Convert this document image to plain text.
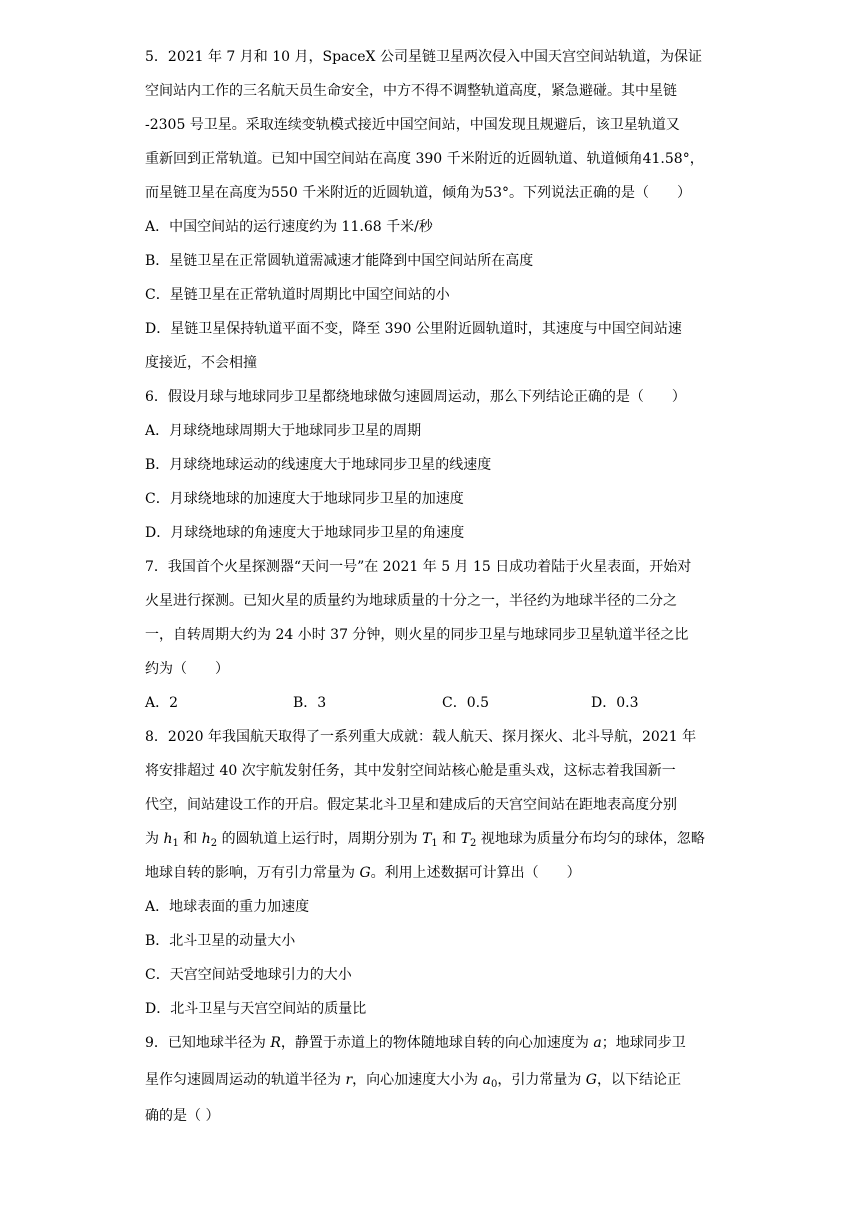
5．2021 年 7 月和 10 月，SpaceX 公司星链卫星两次侵入中国天宫空间站轨道，为保证
空间站内工作的三名航天员生命安全，中方不得不调整轨道高度，紧急避碰。其中星链
-2305 号卫星。采取连续变轨模式接近中国空间站，中国发现且规避后，该卫星轨道又
重新回到正常轨道。已知中国空间站在高度 390 千米附近的近圆轨道、轨道倾角41.58°，
而星链卫星在高度为550 千米附近的近圆轨道，倾角为53°。下列说法正确的是（　　）
A．中国空间站的运行速度约为 11.68 千米/秒
B．星链卫星在正常圆轨道需减速才能降到中国空间站所在高度
C．星链卫星在正常轨道时周期比中国空间站的小
D．星链卫星保持轨道平面不变，降至 390 公里附近圆轨道时，其速度与中国空间站速
度接近，不会相撞
6．假设月球与地球同步卫星都绕地球做匀速圆周运动，那么下列结论正确的是（　　）
A．月球绕地球周期大于地球同步卫星的周期
B．月球绕地球运动的线速度大于地球同步卫星的线速度
C．月球绕地球的加速度大于地球同步卫星的加速度
D．月球绕地球的角速度大于地球同步卫星的角速度
7．我国首个火星探测器“天问一号”在 2021 年 5 月 15 日成功着陆于火星表面，开始对
火星进行探测。已知火星的质量约为地球质量的十分之一，半径约为地球半径的二分之
一，自转周期大约为 24 小时 37 分钟，则火星的同步卫星与地球同步卫星轨道半径之比
约为（　　）
A．2	B．3	C．0.5	D．0.3
8．2020 年我国航天取得了一系列重大成就：载人航天、探月探火、北斗导航，2021 年
将安排超过 40 次宇航发射任务，其中发射空间站核心舱是重头戏，这标志着我国新一
代空，间站建设工作的开启。假定某北斗卫星和建成后的天宫空间站在距地表高度分别
为 $h_1$ 和 $h_2$ 的圆轨道上运行时，周期分别为 $T_1$ 和 $T_2$ 视地球为质量分布均匀的球体，忽略
地球自转的影响，万有引力常量为 G。利用上述数据可计算出（　　）
A．地球表面的重力加速度
B．北斗卫星的动量大小
C．天宫空间站受地球引力的大小
D．北斗卫星与天宫空间站的质量比
9．已知地球半径为 R，静置于赤道上的物体随地球自转的向心加速度为 a；地球同步卫
星作匀速圆周运动的轨道半径为 r，向心加速度大小为 $a_0$，引力常量为 G，以下结论正
确的是（ ）
